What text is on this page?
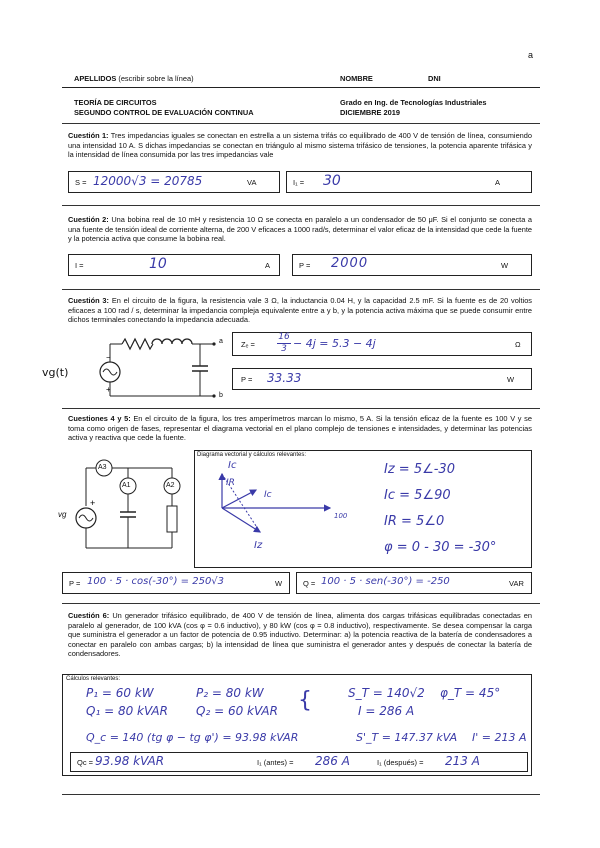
a
APELLIDOS (escribir sobre la línea)	NOMBRE	DNI
TEORÍA DE CIRCUITOS
SEGUNDO CONTROL DE EVALUACIÓN CONTINUA
Grado en Ing. de Tecnologías Industriales
DICIEMBRE 2019
Cuestión 1: Tres impedancias iguales se conectan en estrella a un sistema trifás co equilibrado de 400 V de tensión de línea, consumiendo una intensidad 10 A. S dichas impedancias se conectan en triángulo al mismo sistema trifásico de tensiones, la potencia aparente trifásica y la intensidad de línea consumida por las tres impedancias vale
S = 12000√3 = 20785	VA	I₁ = 30	A
Cuestión 2: Una bobina real de 10 mH y resistencia 10 Ω se conecta en paralelo a un condensador de 50 μF. Si el conjunto se conecta a una fuente de tensión ideal de corriente alterna, de 200 V eficaces a 1000 rad/s, determinar el valor eficaz de la intensidad que cede la fuente y la potencia activa que consume la bobina real.
I =	10	A	P = 2000	W
Cuestión 3: En el circuito de la figura, la resistencia vale 3 Ω, la inductancia 0.04 H, y la capacidad 2.5 mF. Si la fuente es de 20 voltios eficaces a 100 rad / s, determinar la impedancia compleja equivalente entre a y b, y la potencia activa máxima que se puede consumir entre dichos terminales conectando la impedancia adecuada.
−
+
vg(t)
a
b
Zₑ =
16
3 − 4j = 5.3 − 4j	Ω
P = 33.33	W
Cuestiones 4 y 5: En el circuito de la figura, los tres amperímetros marcan lo mismo, 5 A. Si la tensión eficaz de la fuente es 100 V y se toma como origen de fases, representar el diagrama vectorial en el plano complejo de tensiones e intensidades, y determinar las potencias activa y reactiva que cede la fuente.
+
A3
A1	A2
vg
Diagrama vectorial y cálculos relevantes:
Ic
IR
Ic
Iz
100
Iz = 5∠-30
Ic = 5∠90
IR = 5∠0
φ = 0 - 30 = -30°
P = 100 · 5 · cos(-30°) = 250√3	W	Q = 100 · 5 · sen(-30°) = -250	VAR
Cuestión 6: Un generador trifásico equilibrado, de 400 V de tensión de línea, alimenta dos cargas trifásicas equilibradas conectadas en paralelo al generador, de 100 kVA (cos φ = 0.6 inductivo), y 80 kW (cos φ = 0.8 inductivo), respectivamente. Se desea compensar la carga que suministra el generador a un factor de potencia de 0.95 inductivo. Determinar: a) la potencia reactiva de la batería de condensadores a conectar en paralelo con ambas cargas; b) la intensidad de línea que suministra el generador antes y después de conectar la batería de condensadores.
Cálculos relevantes:
P₁ = 60 kW
Q₁ = 80 kVAR
P₂ = 80 kW
Q₂ = 60 kVAR {	S_T = 140√2 φ_T = 45°
I = 286 A
Q_c = 140 (tg φ − tg φ') = 93.98 kVAR	S'_T = 147.37 kVA I' = 213 A
Qc = 93.98 kVAR	I₁ (antes) = 286 A	I₁ (después) = 213 A
